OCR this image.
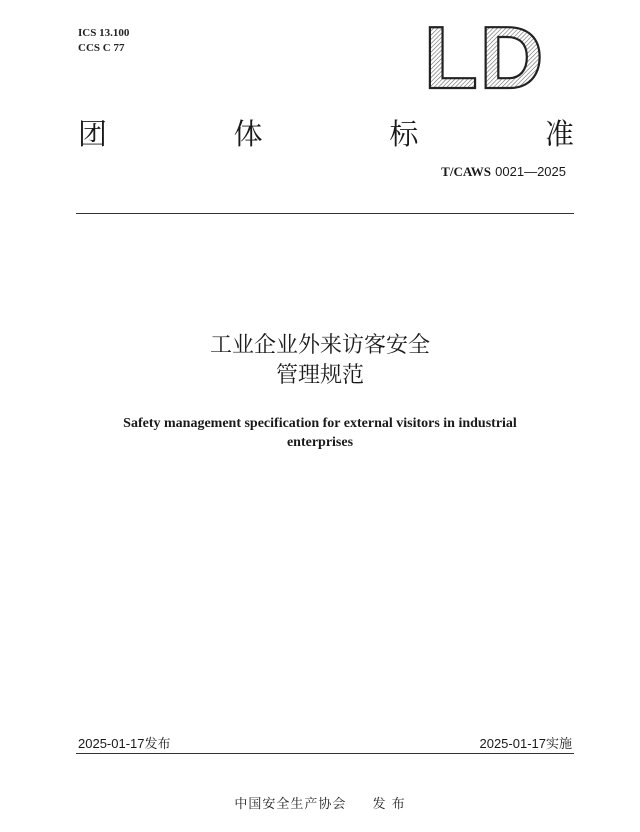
ICS 13.100
CCS C 77	LD
团	体	标	准
T/CAWS 0021—2025
工业企业外来访客安全
管理规范
Safety management specification for external visitors in industrial
enterprises
2025-01-17发布	2025-01-17实施
中国安全生产协会 发 布
